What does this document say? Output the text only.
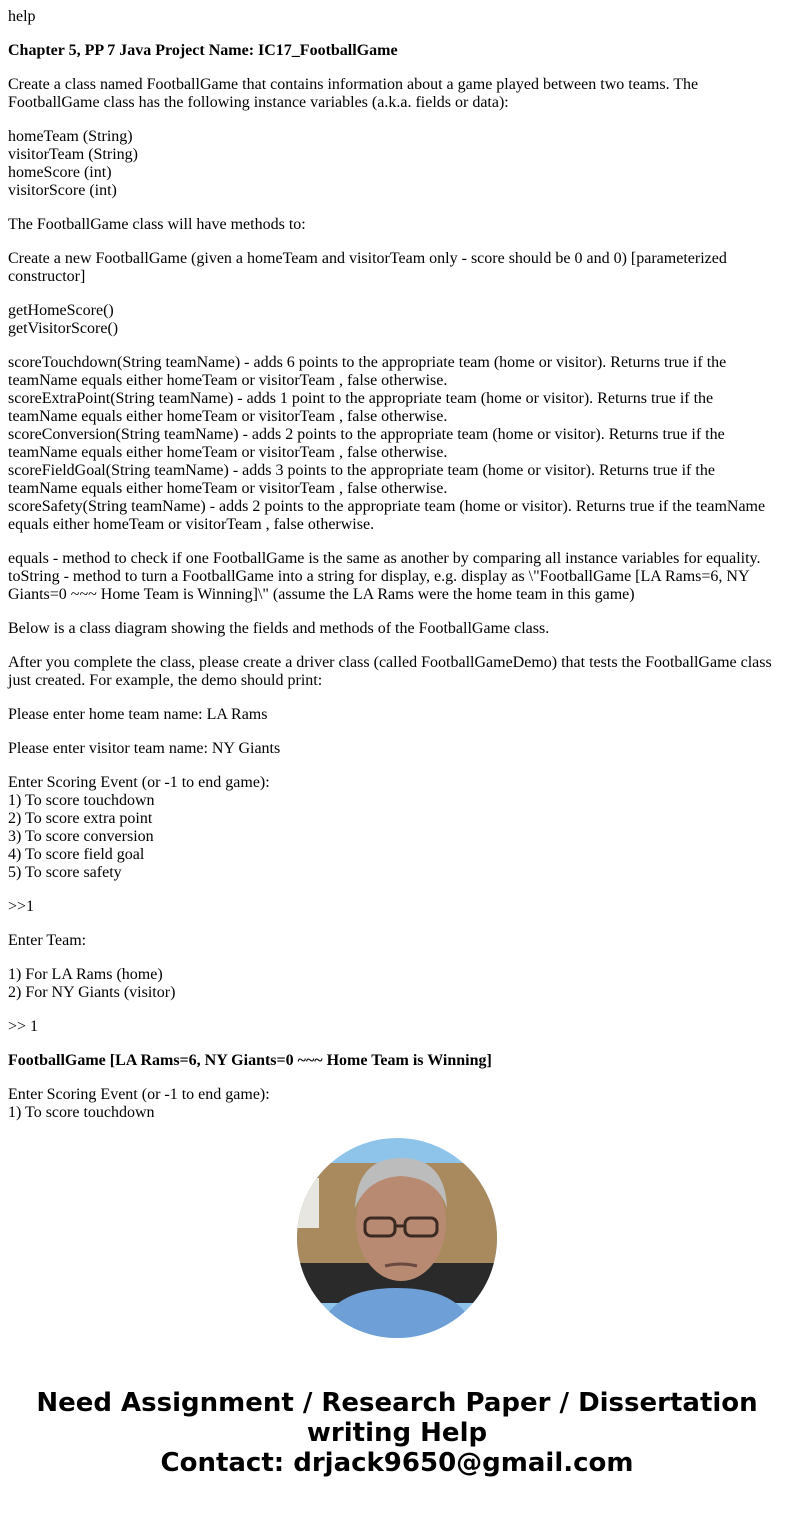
help

Chapter 5, PP 7 Java Project Name: IC17_FootballGame

Create a class named FootballGame that contains information about a game played between two teams. The
FootballGame class has the following instance variables (a.k.a. fields or data):

homeTeam (String)
visitorTeam (String)
homeScore (int)
visitorScore (int)

The FootballGame class will have methods to:

Create a new FootballGame (given a homeTeam and visitorTeam only - score should be 0 and 0) [parameterized
constructor]

getHomeScore()
getVisitorScore()

scoreTouchdown(String teamName) - adds 6 points to the appropriate team (home or visitor). Returns true if the
teamName equals either homeTeam or visitorTeam , false otherwise.
scoreExtraPoint(String teamName) - adds 1 point to the appropriate team (home or visitor). Returns true if the
teamName equals either homeTeam or visitorTeam , false otherwise.
scoreConversion(String teamName) - adds 2 points to the appropriate team (home or visitor). Returns true if the
teamName equals either homeTeam or visitorTeam , false otherwise.
scoreFieldGoal(String teamName) - adds 3 points to the appropriate team (home or visitor). Returns true if the
teamName equals either homeTeam or visitorTeam , false otherwise.
scoreSafety(String teamName) - adds 2 points to the appropriate team (home or visitor). Returns true if the teamName
equals either homeTeam or visitorTeam , false otherwise.

equals - method to check if one FootballGame is the same as another by comparing all instance variables for equality.
toString - method to turn a FootballGame into a string for display, e.g. display as \"FootballGame [LA Rams=6, NY
Giants=0 ~~~ Home Team is Winning]\" (assume the LA Rams were the home team in this game)

Below is a class diagram showing the fields and methods of the FootballGame class.

After you complete the class, please create a driver class (called FootballGameDemo) that tests the FootballGame class
just created. For example, the demo should print:

Please enter home team name: LA Rams

Please enter visitor team name: NY Giants

Enter Scoring Event (or -1 to end game):
1) To score touchdown
2) To score extra point
3) To score conversion
4) To score field goal
5) To score safety

>>1

Enter Team:

1) For LA Rams (home)
2) For NY Giants (visitor)

>> 1

FootballGame [LA Rams=6, NY Giants=0 ~~~ Home Team is Winning]

Enter Scoring Event (or -1 to end game):
1) To score touchdown

Need Assignment / Research Paper / Dissertation
writing Help
Contact: drjack9650@gmail.com
